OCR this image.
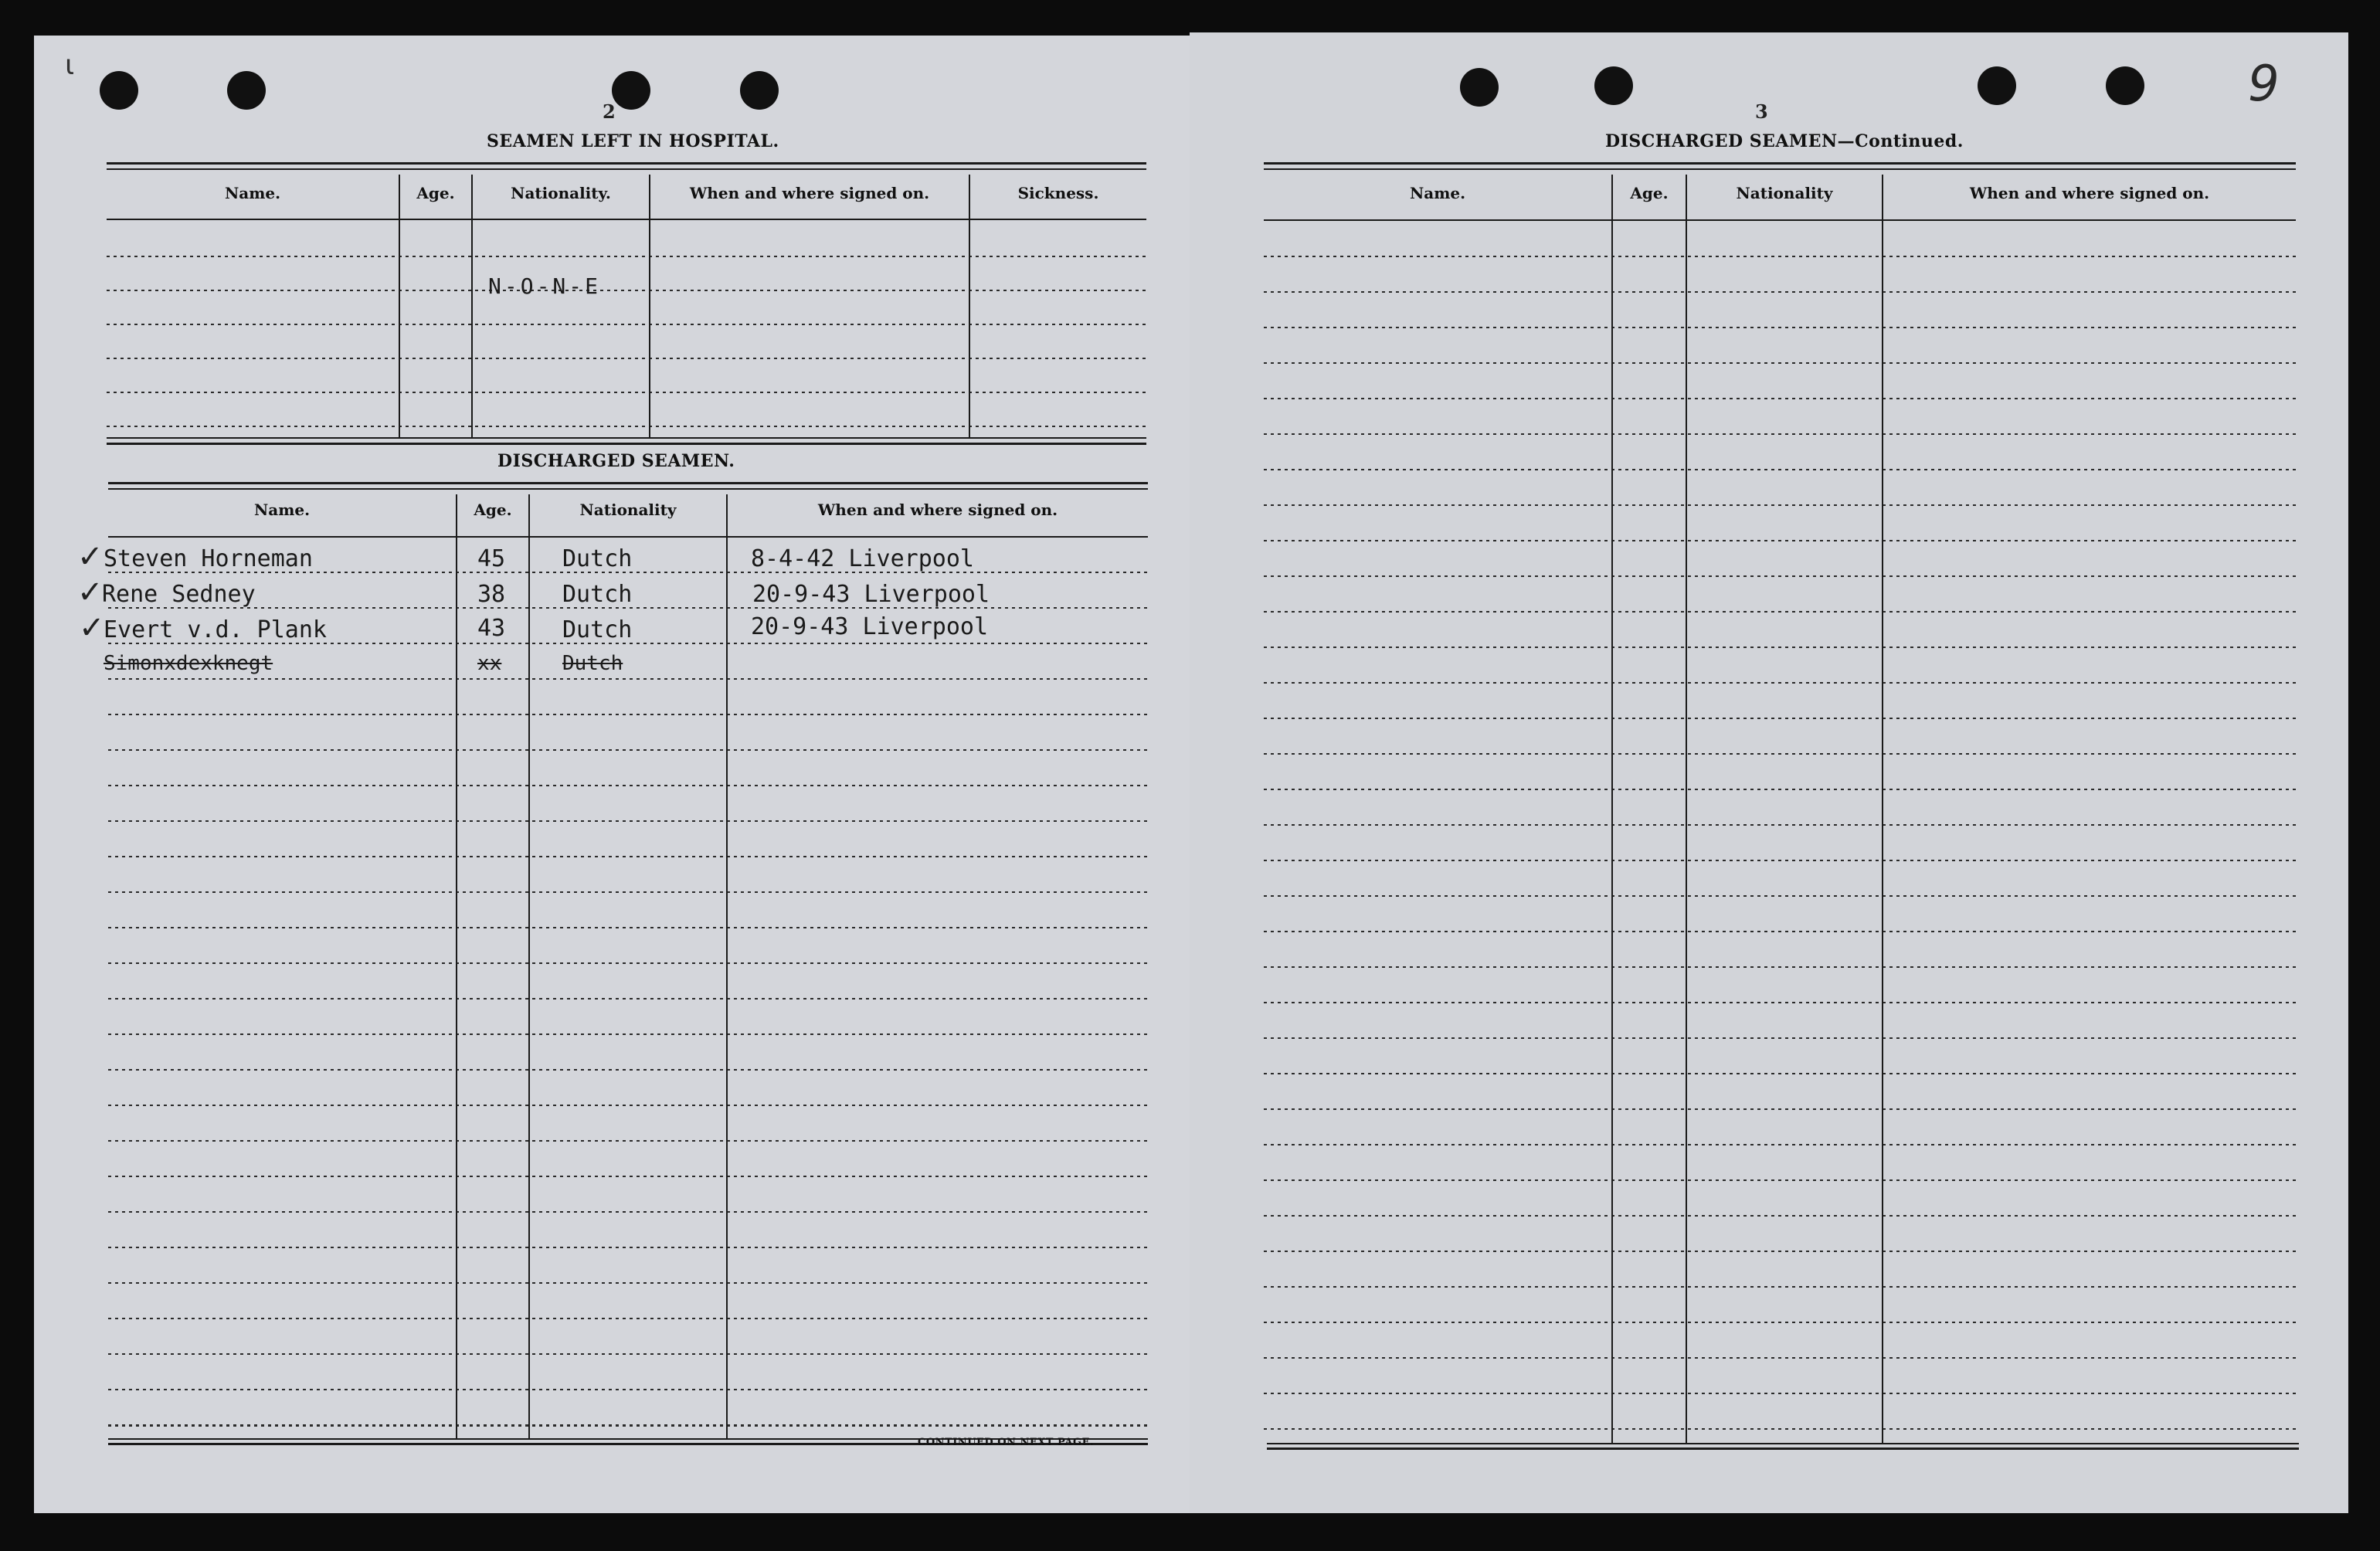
ɩ
2
SEAMEN LEFT IN HOSPITAL.
Name.	Age.	Nationality.	When and where signed on.	Sickness.
N-O-N-E
DISCHARGED SEAMEN.
Name.	Age.	Nationality	When and where signed on.
✓ Steven Horneman	45 Dutch	8-4-42 Liverpool
✓
Rene Sedney	38 Dutch	20-9-43 Liverpool
✓
Evert v.d. Plank	43 Dutch	20-9-43 Liverpool
Simonxdexknegt	xx	Dutch
CONTINUED ON NEXT PAGE.
9
3
DISCHARGED SEAMEN—Continued.
Name.	Age.	Nationality	When and where signed on.
